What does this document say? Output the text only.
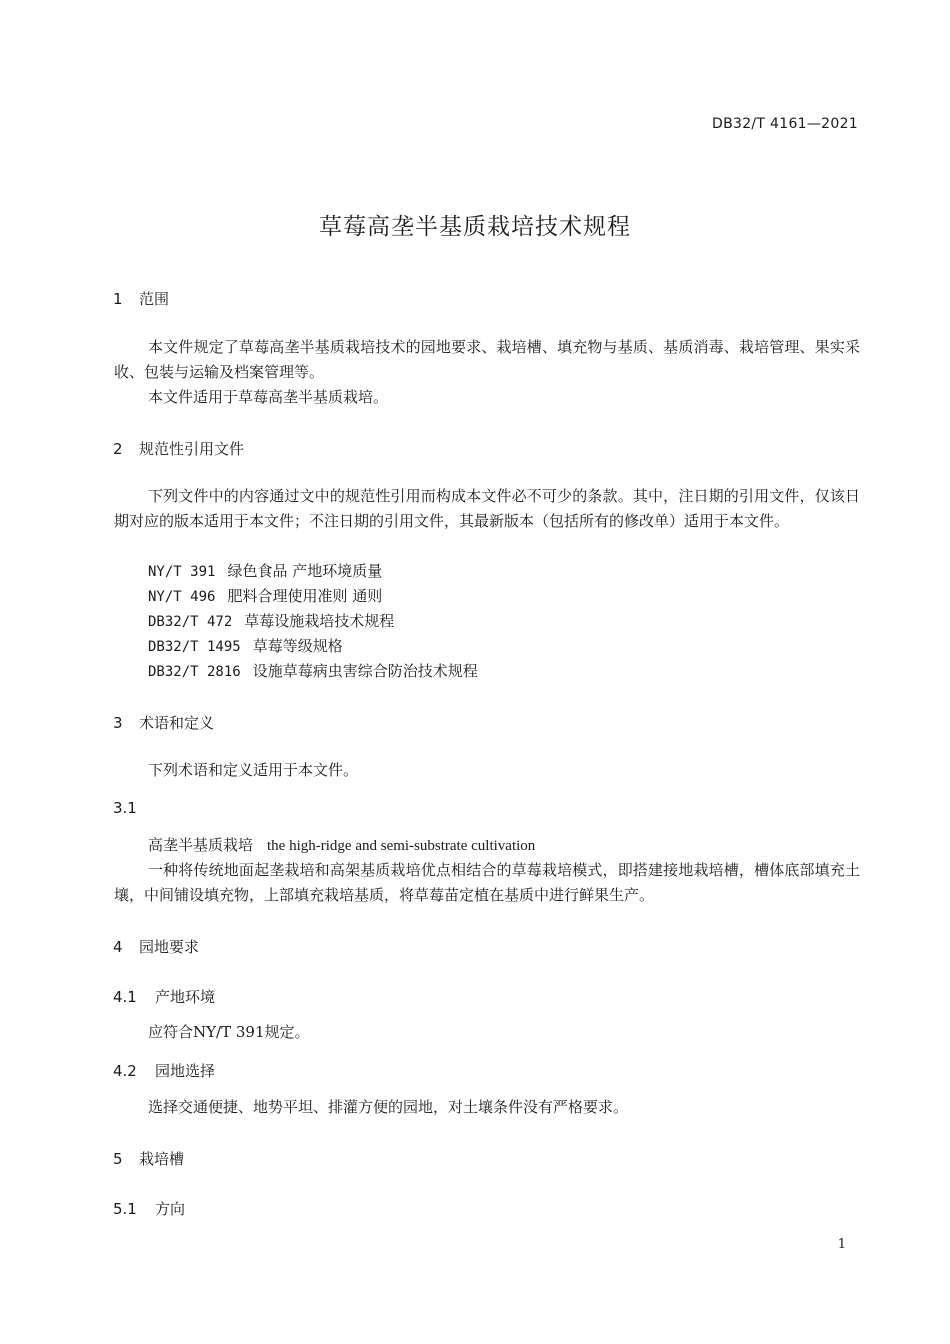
DB32/T 4161—2021
草莓高垄半基质栽培技术规程
1 范围
本文件规定了草莓高垄半基质栽培技术的园地要求、栽培槽、填充物与基质、基质消毒、栽培管理、果实采收、包装与运输及档案管理等。
本文件适用于草莓高垄半基质栽培。
2 规范性引用文件
下列文件中的内容通过文中的规范性引用而构成本文件必不可少的条款。其中，注日期的引用文件，仅该日期对应的版本适用于本文件；不注日期的引用文件，其最新版本（包括所有的修改单）适用于本文件。
NY/T 391 绿色食品 产地环境质量
NY/T 496 肥料合理使用准则 通则
DB32/T 472 草莓设施栽培技术规程
DB32/T 1495 草莓等级规格
DB32/T 2816 设施草莓病虫害综合防治技术规程
3 术语和定义
下列术语和定义适用于本文件。
3.1
高垄半基质栽培 the high-ridge and semi-substrate cultivation
一种将传统地面起垄栽培和高架基质栽培优点相结合的草莓栽培模式，即搭建接地栽培槽，槽体底部填充土壤，中间铺设填充物，上部填充栽培基质，将草莓苗定植在基质中进行鲜果生产。
4 园地要求
4.1 产地环境
应符合NY/T 391规定。
4.2 园地选择
选择交通便捷、地势平坦、排灌方便的园地，对土壤条件没有严格要求。
5 栽培槽
5.1 方向
1
